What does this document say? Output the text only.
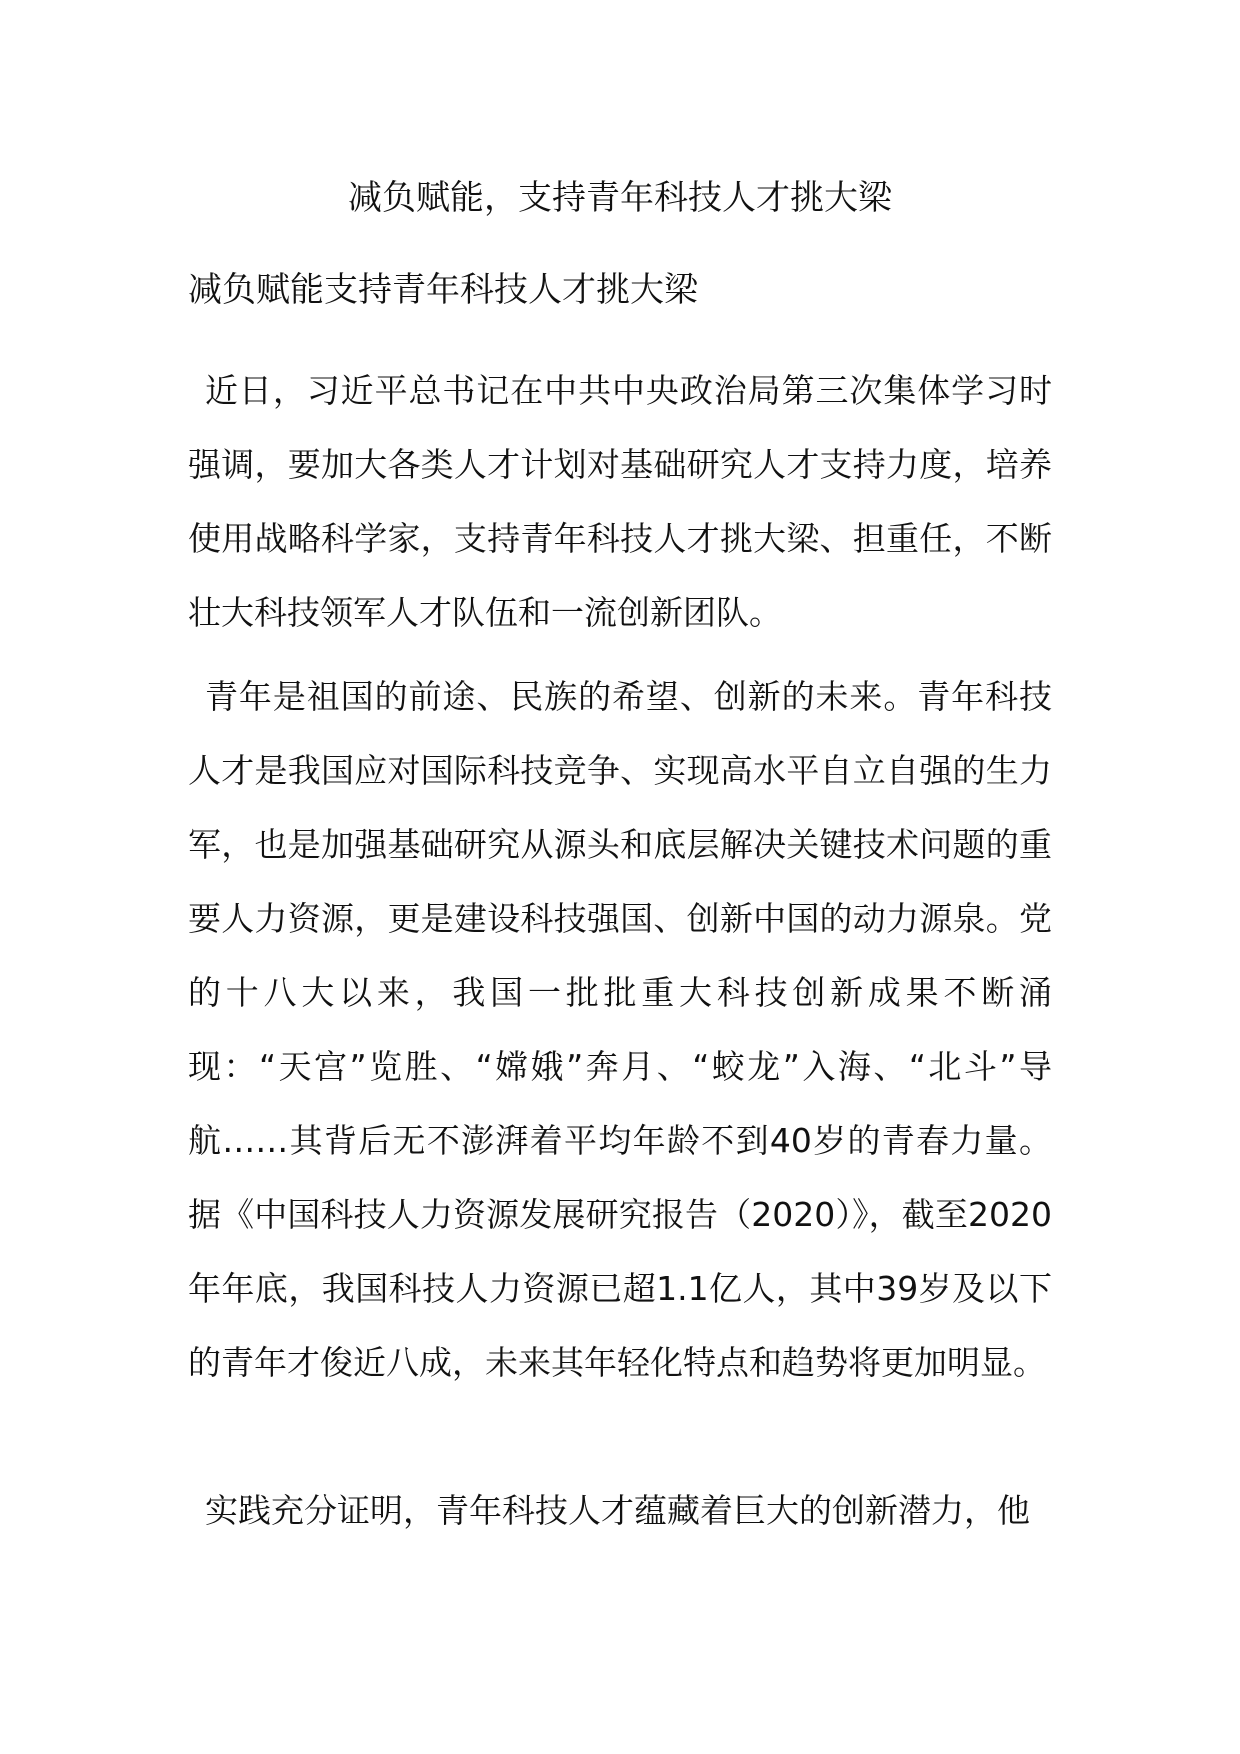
减负赋能，支持青年科技人才挑大梁
减负赋能支持青年科技人才挑大梁

近日，习近平总书记在中共中央政治局第三次集体学习时强调，要加大各类人才计划对基础研究人才支持力度，培养使用战略科学家，支持青年科技人才挑大梁、担重任，不断壮大科技领军人才队伍和一流创新团队。

青年是祖国的前途、民族的希望、创新的未来。青年科技人才是我国应对国际科技竞争、实现高水平自立自强的生力军，也是加强基础研究从源头和底层解决关键技术问题的重要人力资源，更是建设科技强国、创新中国的动力源泉。党的十八大以来，我国一批批重大科技创新成果不断涌现：“天宫”览胜、“嫦娥”奔月、“蛟龙”入海、“北斗”导航……其背后无不澎湃着平均年龄不到40岁的青春力量。据《中国科技人力资源发展研究报告（2020）》，截至2020年年底，我国科技人力资源已超1.1亿人，其中39岁及以下的青年才俊近八成，未来其年轻化特点和趋势将更加明显。

实践充分证明，青年科技人才蕴藏着巨大的创新潜力，他
